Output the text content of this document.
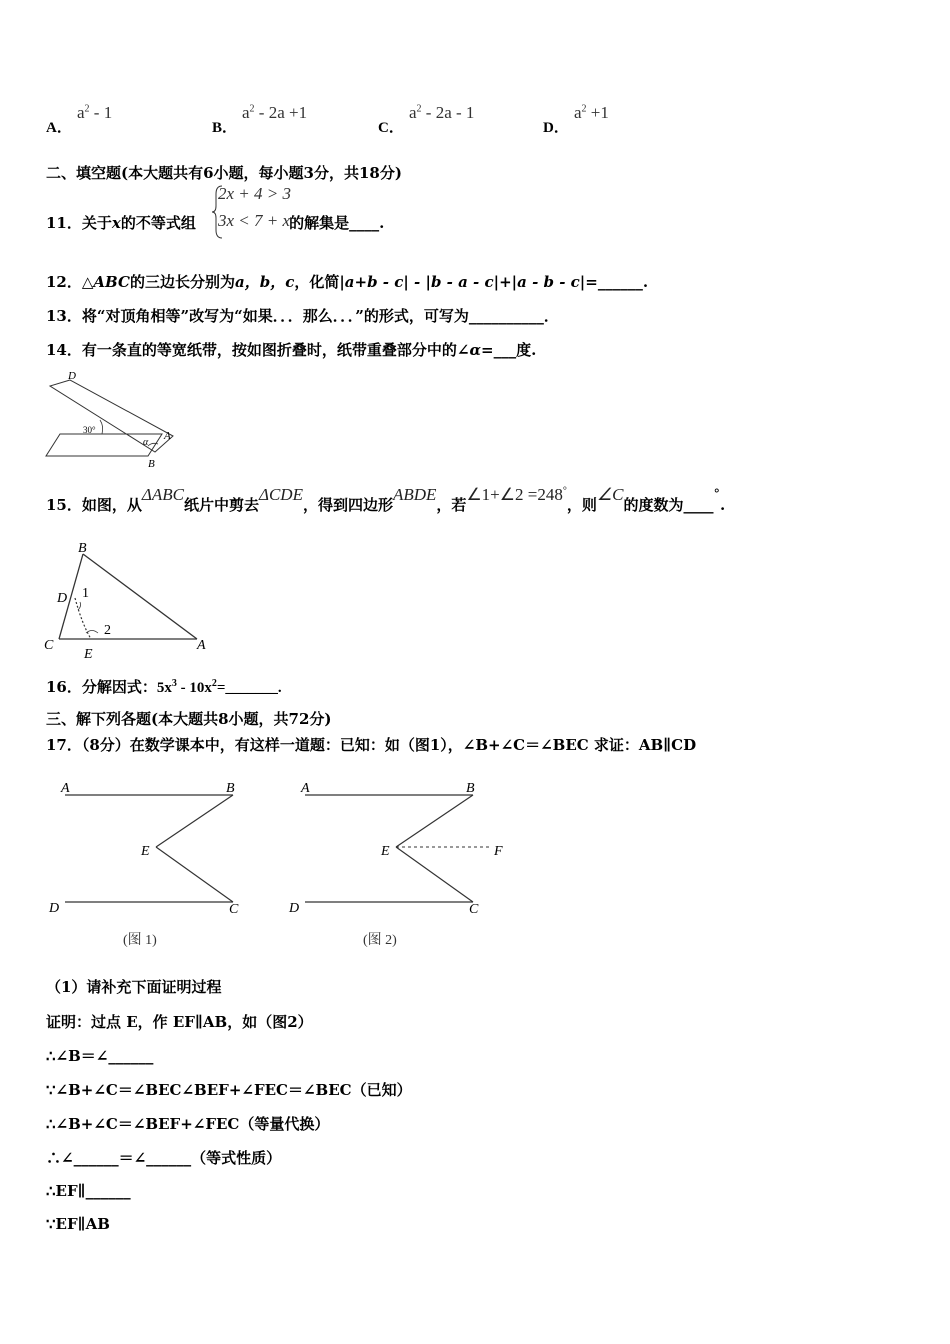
A．
$a^2 - 1$
B．
$a^2 - 2a +1$
C．
$a^2 - 2a - 1$
D．
$a^2 +1$
二、填空题(本大题共有6小题，每小题3分，共18分)
11．关于x的不等式组	的解集是____.
2x + 4 > 3
3x < 7 + x
12．△ABC的三边长分别为a，b，c，化简|a+b - c| - |b - a - c|+|a - b - c|=______.
13．将“对顶角相等”改写为“如果．．．那么．．．”的形式，可写为__________．
14．有一条直的等宽纸带，按如图折叠时，纸带重叠部分中的∠α=___度.
D
30°
α
A
B
15．如图，从ΔABC纸片中剪去ΔCDE，得到四边形ABDE，若∠1+∠2 =248°，则∠C的度数为____°.
B
D 1
2
C
E
A
16．分解因式：$5x^3$ - $10x^2=\_\_\_\_\_\_\_$.
三、解下列各题(本大题共8小题，共72分)
17．（8分）在数学课本中，有这样一道题：已知：如（图1），∠B+∠C＝∠BEC 求证：AB∥CD
A	B
E
D	C
(图 1)
A	B
E	F
D	C
(图 2)
（1）请补充下面证明过程
证明：过点 E，作 EF∥AB，如（图2）
∴∠B＝∠______
∵∠B+∠C＝∠BEC∠BEF+∠FEC＝∠BEC（已知）
∴∠B+∠C＝∠BEF+∠FEC（等量代换）
∴∠______＝∠______（等式性质）
∴EF∥______
∵EF∥AB
